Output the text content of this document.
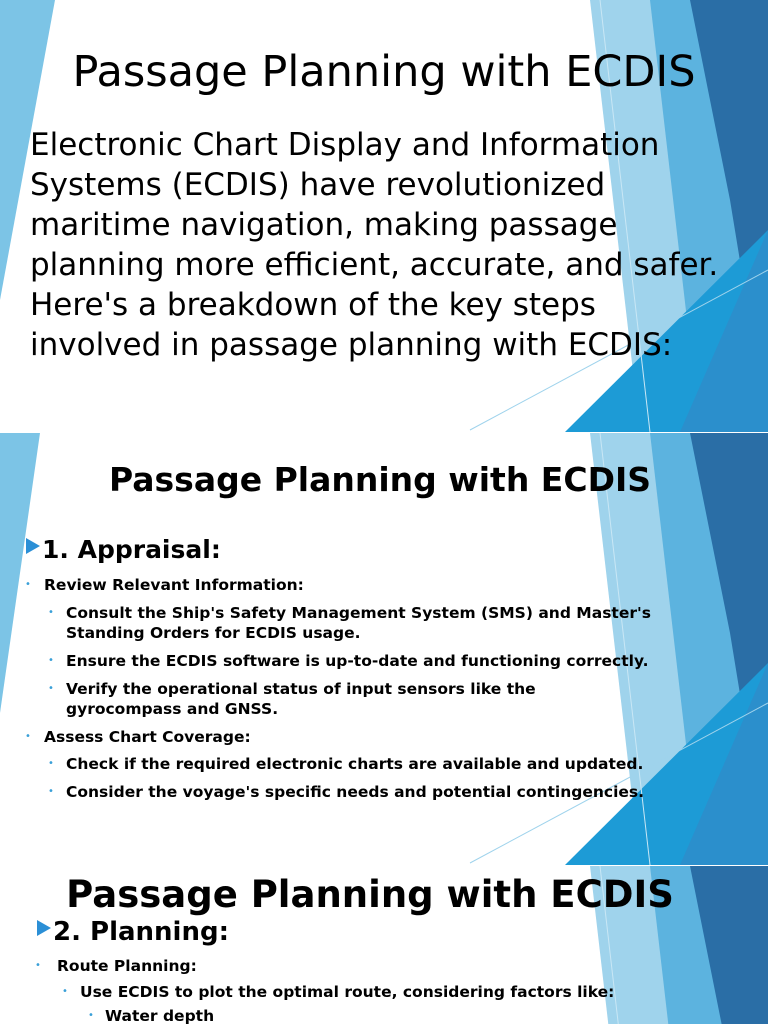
Passage Planning with ECDIS
Electronic Chart Display and Information Systems (ECDIS) have revolutionized maritime navigation, making passage planning more efficient, accurate, and safer. Here's a breakdown of the key steps involved in passage planning with ECDIS:
Passage Planning with ECDIS
1. Appraisal:
• Review Relevant Information:
• Consult the Ship's Safety Management System (SMS) and Master's Standing Orders for ECDIS usage.
• Ensure the ECDIS software is up-to-date and functioning correctly.
• Verify the operational status of input sensors like the gyrocompass and GNSS.
• Assess Chart Coverage:
• Check if the required electronic charts are available and updated.
• Consider the voyage's specific needs and potential contingencies.
Passage Planning with ECDIS
2. Planning:
• Route Planning:
• Use ECDIS to plot the optimal route, considering factors like:
• Water depth
